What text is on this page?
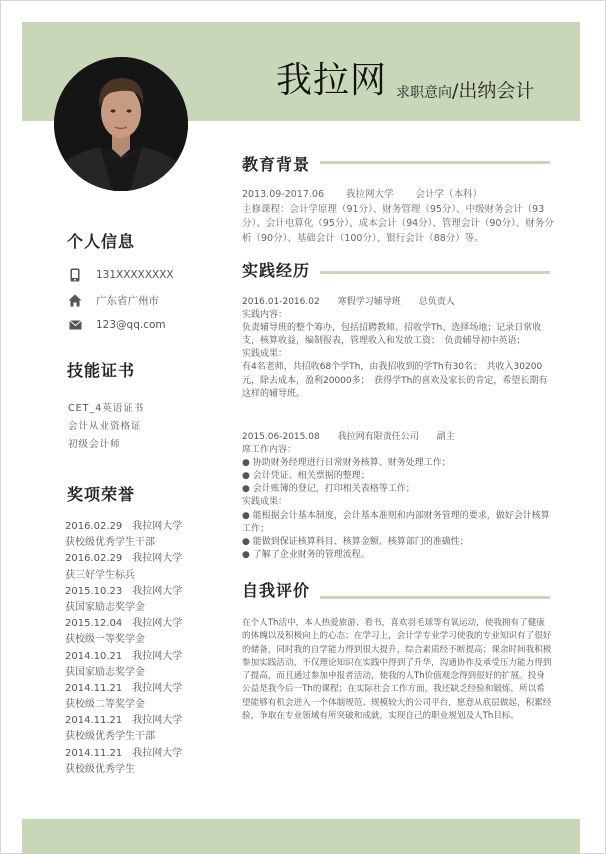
我拉网 求职意向/出纳会计
个人信息
131XXXXXXXX
广东省广州市
123@qq.com
技能证书
CET_4英语证书
会计从业资格证
初级会计师
奖项荣誉
2016.02.29　我拉网大学
获校级优秀学生干部
2016.02.29　我拉网大学
获三好学生标兵
2015.10.23　我拉网大学
获国家励志奖学金
2015.12.04　我拉网大学
获校级一等奖学金
2014.10.21　我拉网大学
获国家励志奖学金
2014.11.21　我拉网大学
获校级二等奖学金
2014.11.21　我拉网大学
获校级优秀学生干部
2014.11.21　我拉网大学
获校级优秀学生
教育背景
2013.09-2017.06 我拉网大学 会计学（本科）
主修课程：会计学原理（91分）、财务管理（95分）、中级财务会计（93分）、会计电算化（95分）、成本会计（94分）、管理会计（90分）、财务分析（90分）、基础会计（100分）、银行会计（88分）等。
实践经历
2016.01-2016.02 寒假学习辅导班 总负责人
实践内容：
负责辅导班的整个筹办，包括招聘教师、招收学Th、选择场地；记录日常收支，核算收益，编制报表，管理收入和发放工资；　负责辅导初中英语；
实践成果：
有4名老师，共招收68个学Th，由我招收到的学Th有30名；　共收入30200元，除去成本，盈利20000多；　获得学Th的喜欢及家长的肯定，希望长期有这样的辅导班。
2015.06-2015.08 我拉网有限责任公司 副主
席工作内容：
● 协助财务经理进行日常财务核算、财务处理工作；
● 会计凭证、相关票据的整理；
● 会计账簿的登记，打印相关表格等工作；
实践成果：
● 能根据会计基本制度，会计基本准则和内部财务管理的要求，做好会计核算工作；
● 能做到保证核算科目、核算金额、核算部门的准确性；
● 了解了企业财务的管理流程。
自我评价
在个人Th活中，本人热爱旅游、看书，喜欢羽毛球等有氧运动，使我拥有了健康的体魄以及积极向上的心态；在学习上，会计学专业学习使我的专业知识有了很好的储备，同时我的自学能力得到很大提升，综合素质经不断提高；课余时间我积极参加实践活动，不仅理论知识在实践中得到了升华，沟通协作及承受压力能力得到了提高，而且通过参加申报者活动，使我的人Th价值观念得到很好的扩展。投身公益是我今后一Th的课程；在实际社会工作方面，我还缺乏经验和锻炼，所以希望能够有机会进入一个体制规范、规模较大的公司平台，愿意从底层做起，积累经验，争取在专业领域有所突破和成就，实现自己的职业规划及人Th目标。
